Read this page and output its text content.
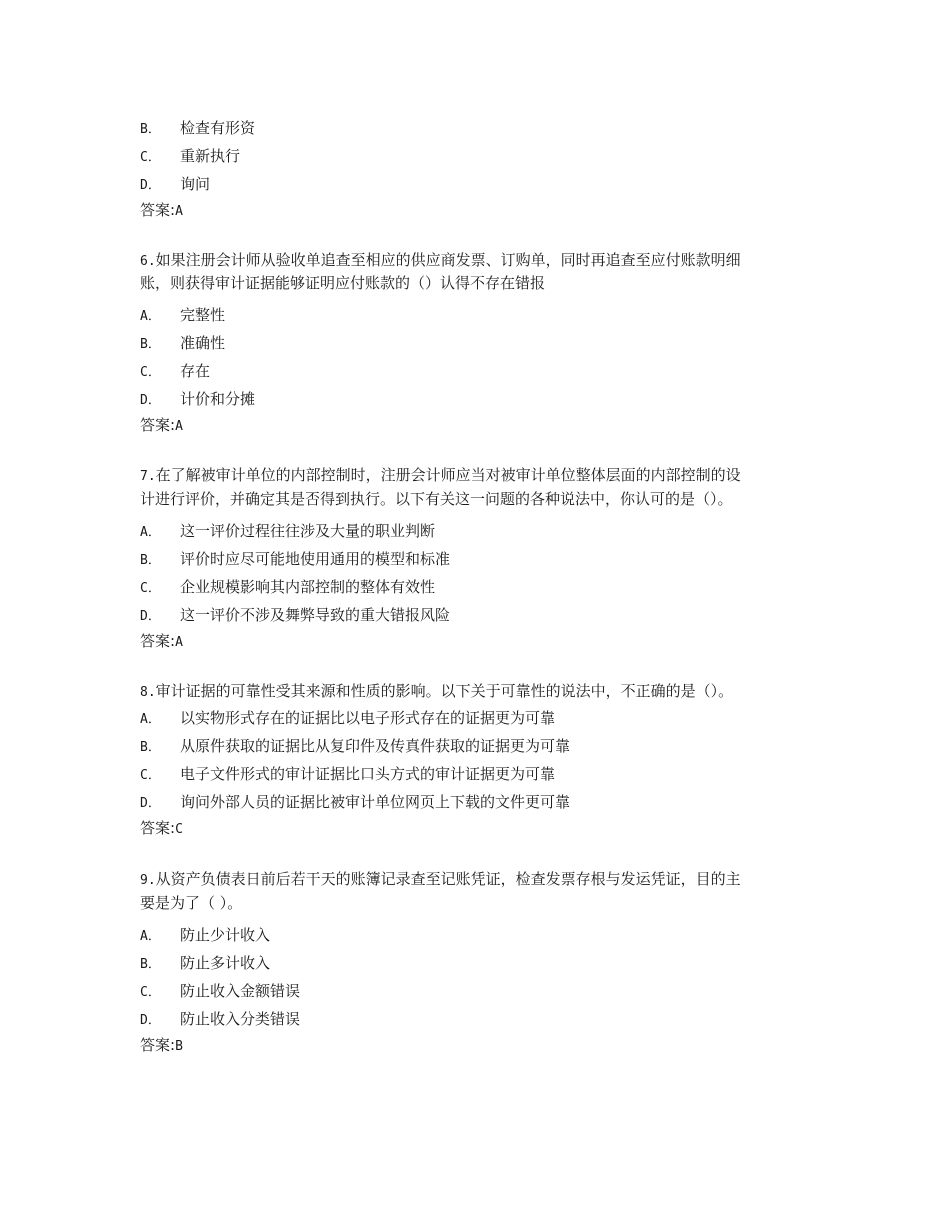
B． 检查有形资
C． 重新执行
D． 询问
答案:A
6.如果注册会计师从验收单追查至相应的供应商发票、订购单，同时再追查至应付账款明细
账，则获得审计证据能够证明应付账款的（）认得不存在错报
A． 完整性
B． 准确性
C． 存在
D． 计价和分摊
答案:A
7.在了解被审计单位的内部控制时，注册会计师应当对被审计单位整体层面的内部控制的设
计进行评价，并确定其是否得到执行。以下有关这一问题的各种说法中，你认可的是（）。
A． 这一评价过程往往涉及大量的职业判断
B． 评价时应尽可能地使用通用的模型和标准
C． 企业规模影响其内部控制的整体有效性
D． 这一评价不涉及舞弊导致的重大错报风险
答案:A
8.审计证据的可靠性受其来源和性质的影响。以下关于可靠性的说法中，不正确的是（）。
A． 以实物形式存在的证据比以电子形式存在的证据更为可靠
B． 从原件获取的证据比从复印件及传真件获取的证据更为可靠
C． 电子文件形式的审计证据比口头方式的审计证据更为可靠
D． 询问外部人员的证据比被审计单位网页上下载的文件更可靠
答案:C
9.从资产负债表日前后若干天的账簿记录查至记账凭证，检查发票存根与发运凭证，目的主
要是为了（ ）。
A． 防止少计收入
B． 防止多计收入
C． 防止收入金额错误
D． 防止收入分类错误
答案:B
